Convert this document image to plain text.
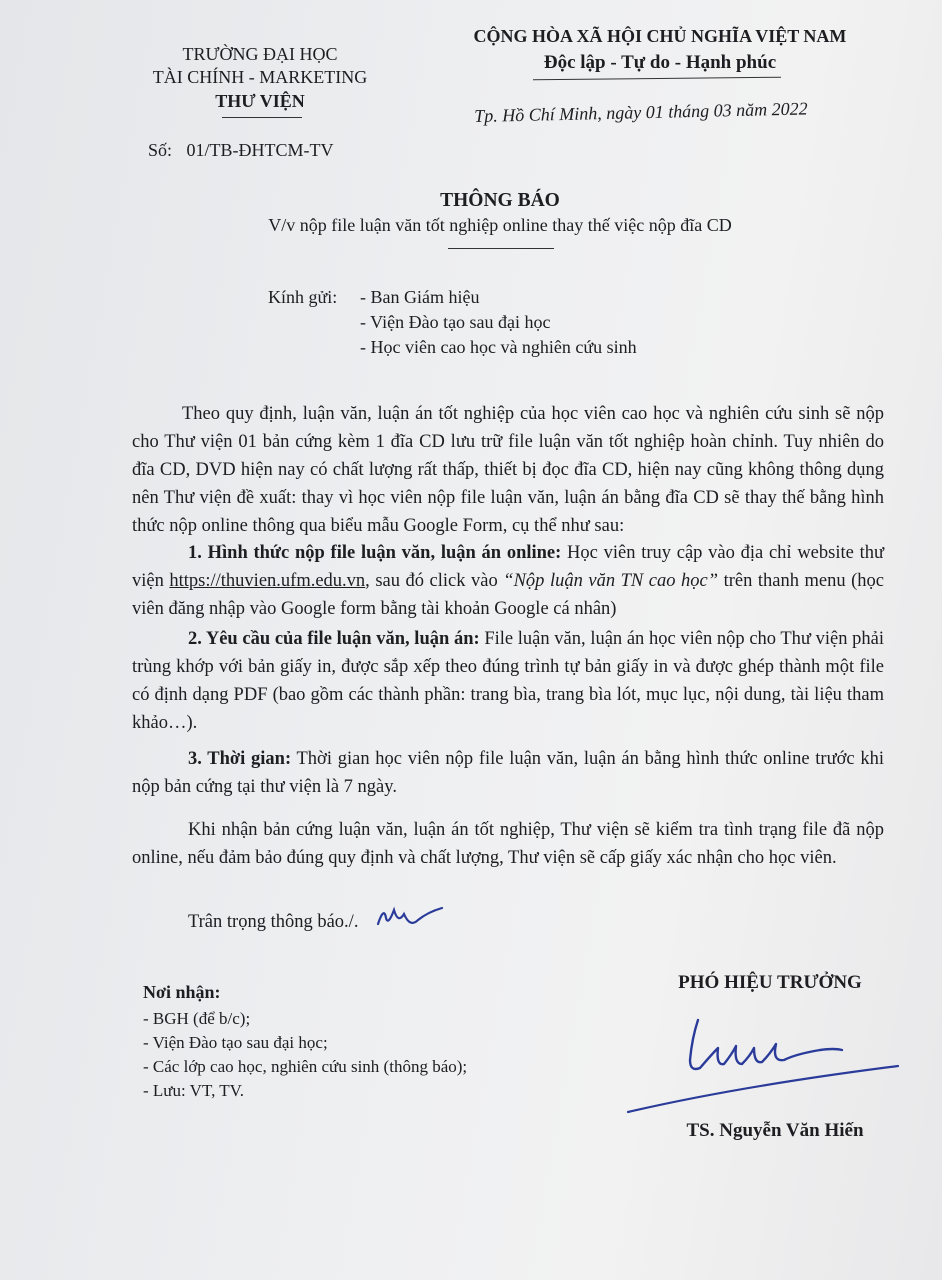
TRƯỜNG ĐẠI HỌC
TÀI CHÍNH - MARKETING
THƯ VIỆN
Số: 01/TB-ĐHTCM-TV
CỘNG HÒA XÃ HỘI CHỦ NGHĨA VIỆT NAM
Độc lập - Tự do - Hạnh phúc
Tp. Hồ Chí Minh, ngày 01 tháng 03 năm 2022
THÔNG BÁO
V/v nộp file luận văn tốt nghiệp online thay thế việc nộp đĩa CD
Kính gửi: - Ban Giám hiệu
- Viện Đào tạo sau đại học
- Học viên cao học và nghiên cứu sinh

Theo quy định, luận văn, luận án tốt nghiệp của học viên cao học và nghiên cứu sinh sẽ nộp cho Thư viện 01 bản cứng kèm 1 đĩa CD lưu trữ file luận văn tốt nghiệp hoàn chỉnh. Tuy nhiên do đĩa CD, DVD hiện nay có chất lượng rất thấp, thiết bị đọc đĩa CD, hiện nay cũng không thông dụng nên Thư viện đề xuất: thay vì học viên nộp file luận văn, luận án bằng đĩa CD sẽ thay thế bằng hình thức nộp online thông qua biểu mẫu Google Form, cụ thể như sau:

1. Hình thức nộp file luận văn, luận án online: Học viên truy cập vào địa chỉ website thư viện https://thuvien.ufm.edu.vn, sau đó click vào “Nộp luận văn TN cao học” trên thanh menu (học viên đăng nhập vào Google form bằng tài khoản Google cá nhân)

2. Yêu cầu của file luận văn, luận án: File luận văn, luận án học viên nộp cho Thư viện phải trùng khớp với bản giấy in, được sắp xếp theo đúng trình tự bản giấy in và được ghép thành một file có định dạng PDF (bao gồm các thành phần: trang bìa, trang bìa lót, mục lục, nội dung, tài liệu tham khảo…).

3. Thời gian: Thời gian học viên nộp file luận văn, luận án bằng hình thức online trước khi nộp bản cứng tại thư viện là 7 ngày.

Khi nhận bản cứng luận văn, luận án tốt nghiệp, Thư viện sẽ kiểm tra tình trạng file đã nộp online, nếu đảm bảo đúng quy định và chất lượng, Thư viện sẽ cấp giấy xác nhận cho học viên.

Trân trọng thông báo./.
Nơi nhận:
- BGH (để b/c);
- Viện Đào tạo sau đại học;
- Các lớp cao học, nghiên cứu sinh (thông báo);
- Lưu: VT, TV.
PHÓ HIỆU TRƯỞNG
TS. Nguyễn Văn Hiến
